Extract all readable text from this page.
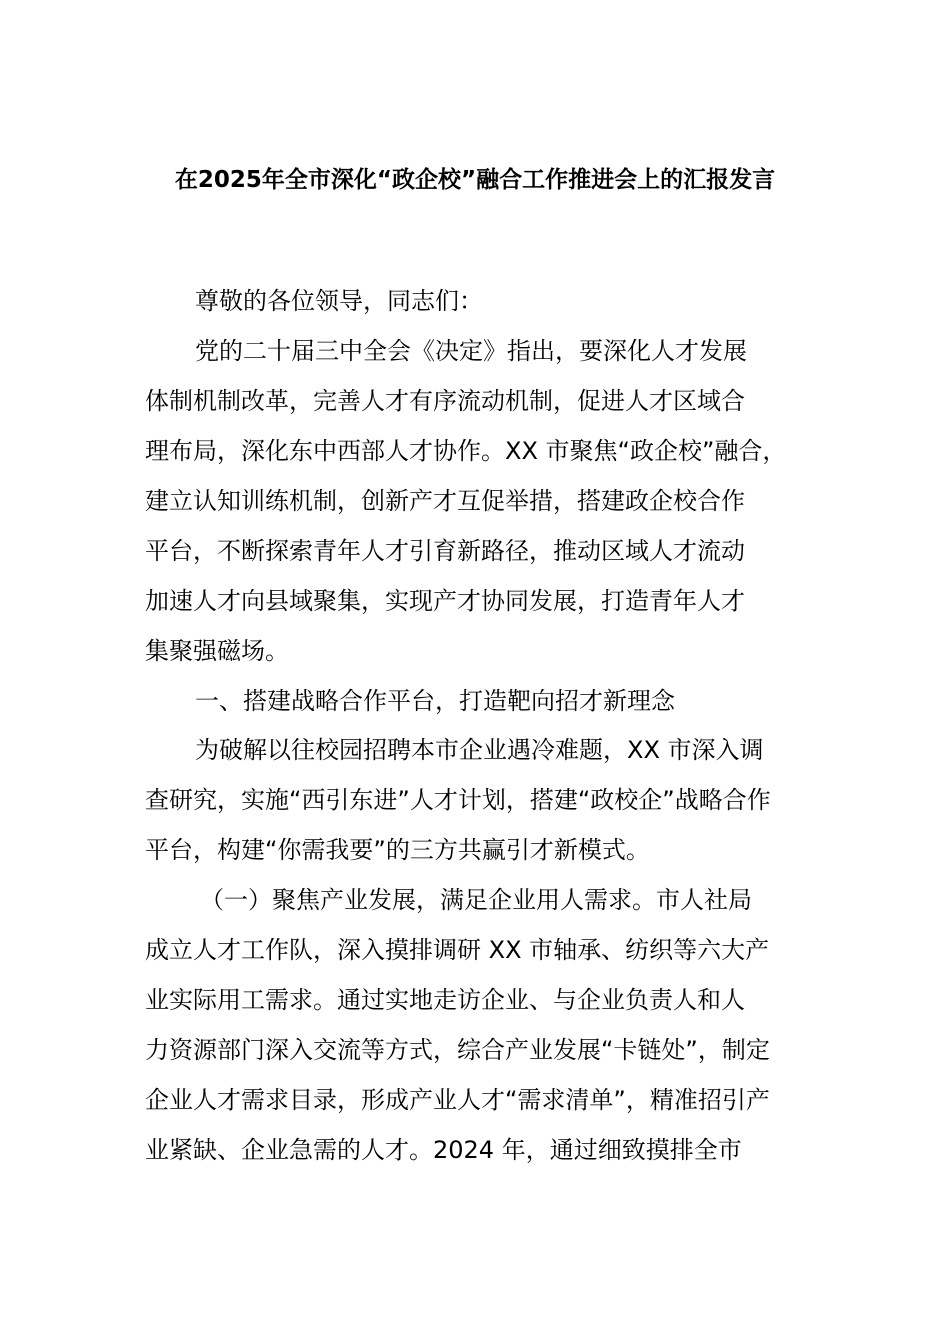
在2025年全市深化“政企校”融合工作推进会上的汇报发言
尊敬的各位领导，同志们：
党的二十届三中全会《决定》指出，要深化人才发展
体制机制改革，完善人才有序流动机制，促进人才区域合
理布局，深化东中西部人才协作。XX 市聚焦“政企校”融合，
建立认知训练机制，创新产才互促举措，搭建政企校合作
平台，不断探索青年人才引育新路径，推动区域人才流动
加速人才向县域聚集，实现产才协同发展，打造青年人才
集聚强磁场。
一、搭建战略合作平台，打造靶向招才新理念
为破解以往校园招聘本市企业遇冷难题，XX 市深入调
查研究，实施“西引东进”人才计划，搭建“政校企”战略合作
平台，构建“你需我要”的三方共赢引才新模式。
（一）聚焦产业发展，满足企业用人需求。市人社局
成立人才工作队，深入摸排调研 XX 市轴承、纺织等六大产
业实际用工需求。通过实地走访企业、与企业负责人和人
力资源部门深入交流等方式，综合产业发展“卡链处”，制定
企业人才需求目录，形成产业人才“需求清单”，精准招引产
业紧缺、企业急需的人才。2024 年，通过细致摸排全市
